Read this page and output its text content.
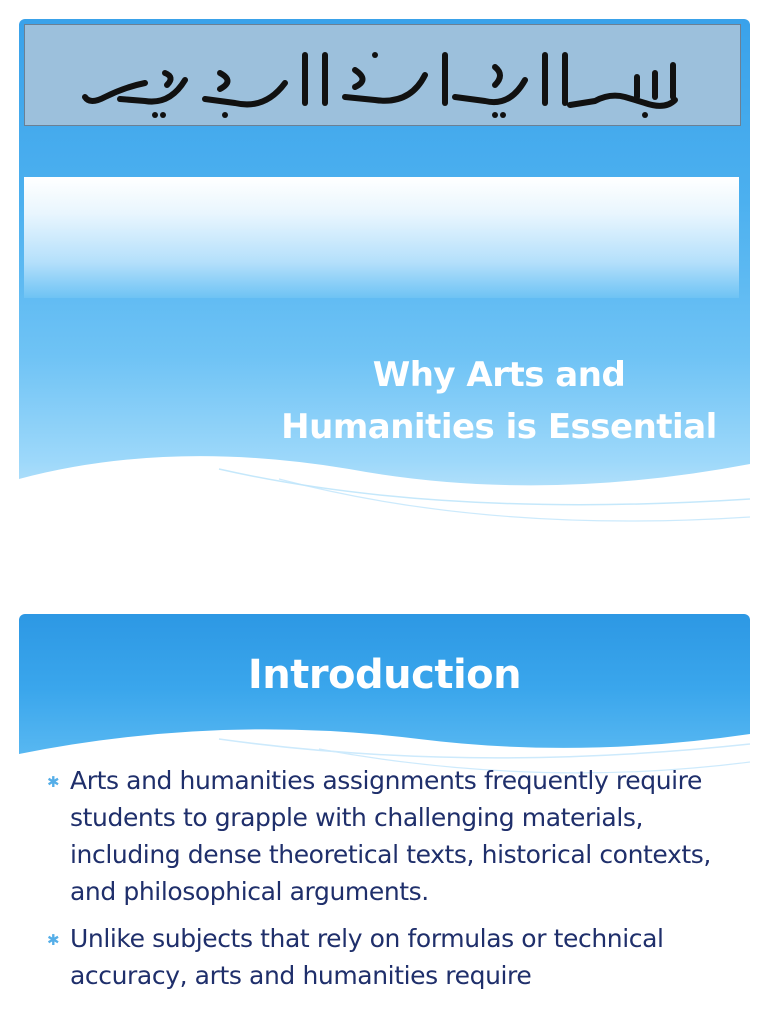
Why Arts and
Humanities is Essential
Introduction
✱ Arts and humanities assignments frequently require students to grapple with challenging materials, including dense theoretical texts, historical contexts, and philosophical arguments.
✱ Unlike subjects that rely on formulas or technical accuracy, arts and humanities require
